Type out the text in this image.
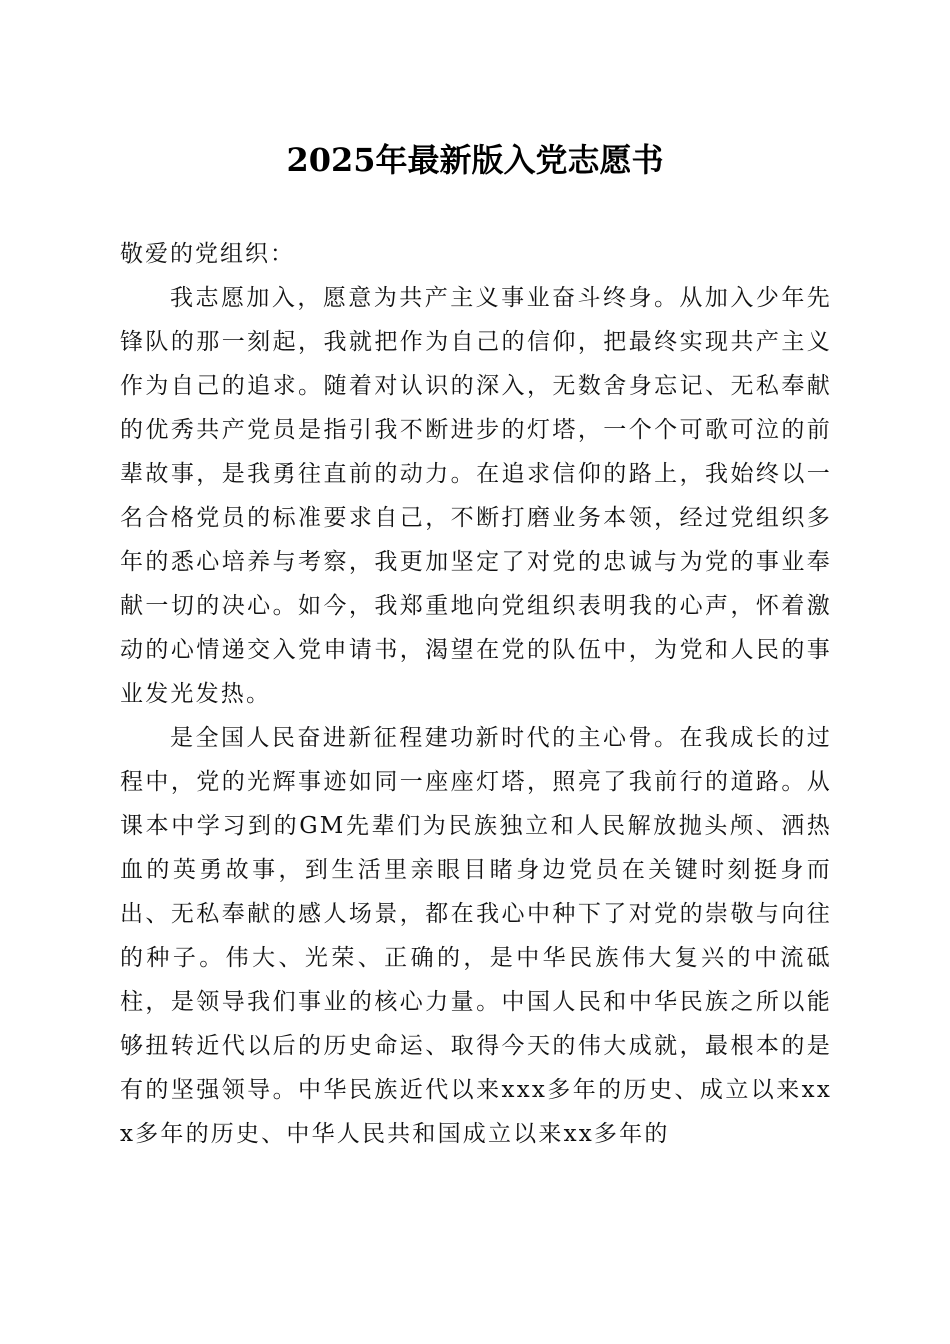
2025年最新版入党志愿书

敬爱的党组织：

我志愿加入，愿意为共产主义事业奋斗终身。从加入少年先锋队的那一刻起，我就把作为自己的信仰，把最终实现共产主义作为自己的追求。随着对认识的深入，无数舍身忘记、无私奉献的优秀共产党员是指引我不断进步的灯塔，一个个可歌可泣的前辈故事，是我勇往直前的动力。在追求信仰的路上，我始终以一名合格党员的标准要求自己，不断打磨业务本领，经过党组织多年的悉心培养与考察，我更加坚定了对党的忠诚与为党的事业奉献一切的决心。如今，我郑重地向党组织表明我的心声，怀着激动的心情递交入党申请书，渴望在党的队伍中，为党和人民的事业发光发热。

是全国人民奋进新征程建功新时代的主心骨。在我成长的过程中，党的光辉事迹如同一座座灯塔，照亮了我前行的道路。从课本中学习到的GM先辈们为民族独立和人民解放抛头颅、洒热血的英勇故事，到生活里亲眼目睹身边党员在关键时刻挺身而出、无私奉献的感人场景，都在我心中种下了对党的崇敬与向往的种子。伟大、光荣、正确的，是中华民族伟大复兴的中流砥柱，是领导我们事业的核心力量。中国人民和中华民族之所以能够扭转近代以后的历史命运、取得今天的伟大成就，最根本的是有的坚强领导。中华民族近代以来xxx多年的历史、成立以来xxx多年的历史、中华人民共和国成立以来xx多年的
